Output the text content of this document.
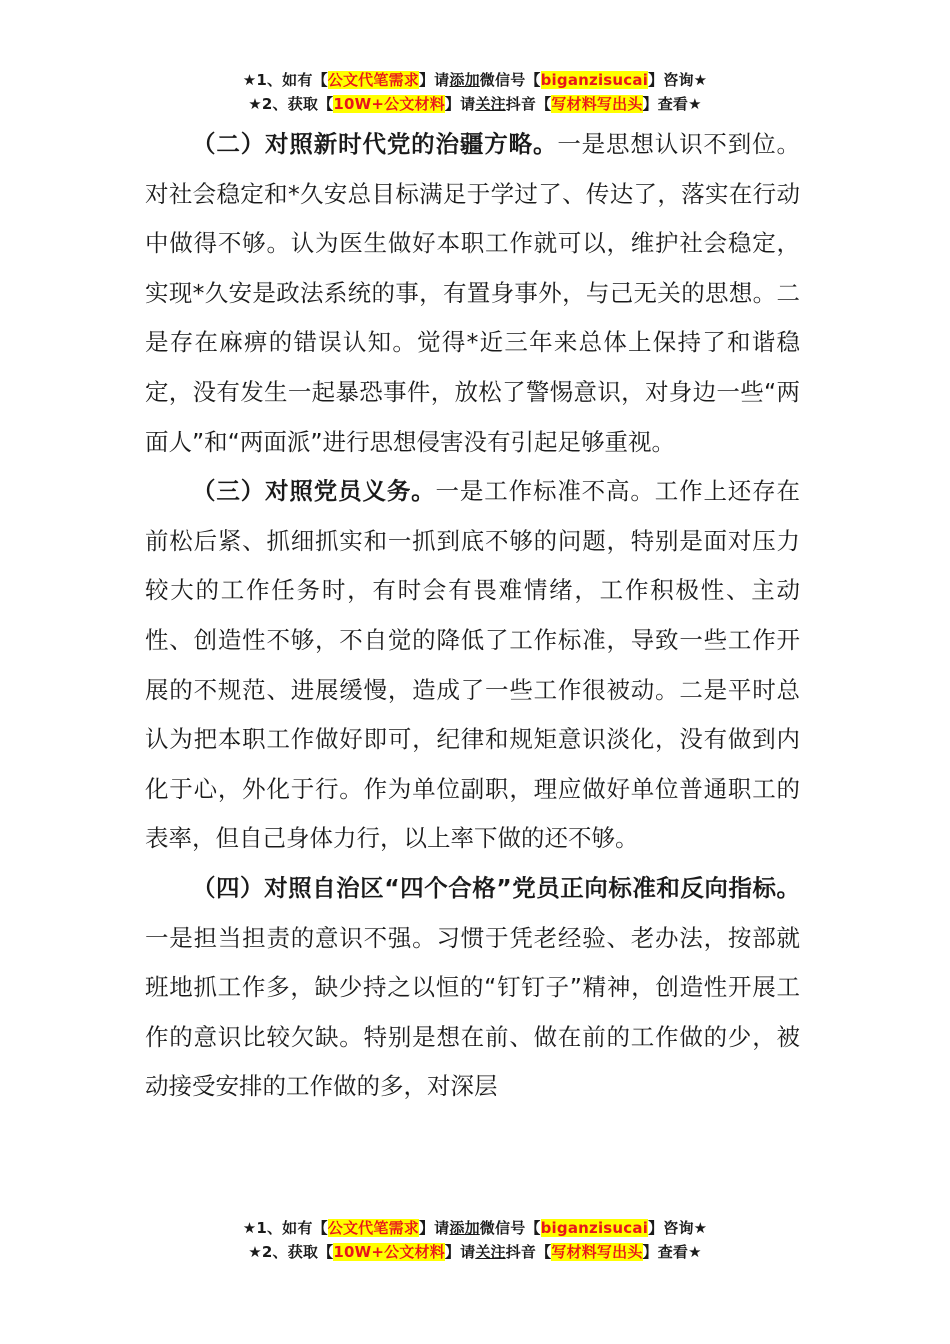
★1、如有【公文代笔需求】请添加微信号【biganzisucai】咨询★
★2、获取【10W+公文材料】请关注抖音【写材料写出头】查看★

（二）对照新时代党的治疆方略。一是思想认识不到位。对社会稳定和*久安总目标满足于学过了、传达了，落实在行动中做得不够。认为医生做好本职工作就可以，维护社会稳定，实现*久安是政法系统的事，有置身事外，与己无关的思想。二是存在麻痹的错误认知。觉得*近三年来总体上保持了和谐稳定，没有发生一起暴恐事件，放松了警惕意识，对身边一些“两面人”和“两面派”进行思想侵害没有引起足够重视。

（三）对照党员义务。一是工作标准不高。工作上还存在前松后紧、抓细抓实和一抓到底不够的问题，特别是面对压力较大的工作任务时，有时会有畏难情绪，工作积极性、主动性、创造性不够，不自觉的降低了工作标准，导致一些工作开展的不规范、进展缓慢，造成了一些工作很被动。二是平时总认为把本职工作做好即可，纪律和规矩意识淡化，没有做到内化于心，外化于行。作为单位副职，理应做好单位普通职工的表率，但自己身体力行，以上率下做的还不够。

（四）对照自治区“四个合格”党员正向标准和反向指标。一是担当担责的意识不强。习惯于凭老经验、老办法，按部就班地抓工作多，缺少持之以恒的“钉钉子”精神，创造性开展工作的意识比较欠缺。特别是想在前、做在前的工作做的少，被动接受安排的工作做的多，对深层

★1、如有【公文代笔需求】请添加微信号【biganzisucai】咨询★
★2、获取【10W+公文材料】请关注抖音【写材料写出头】查看★
